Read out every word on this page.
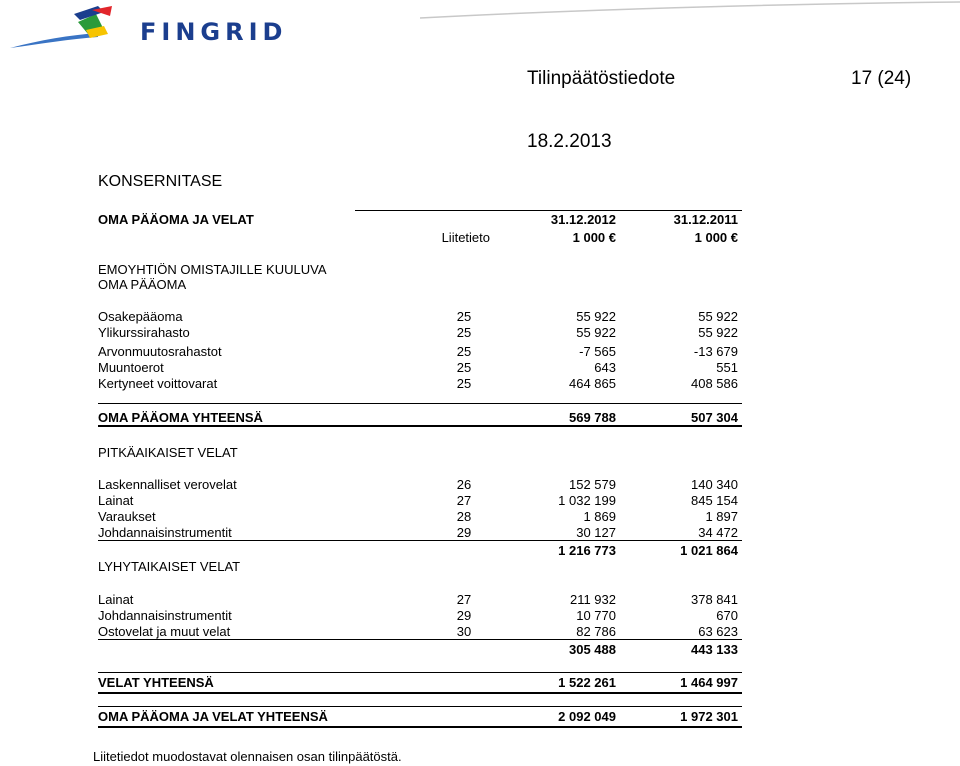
FINGRID
Tilinpäätöstiedote	17 (24)
18.2.2013
KONSERNITASE
OMA PÄÄOMA JA VELAT	31.12.2012	31.12.2011
Liitetieto	1 000 €	1 000 €
EMOYHTIÖN OMISTAJILLE KUULUVA
OMA PÄÄOMA
Osakepääoma	25	55 922	55 922
Ylikurssirahasto	25	55 922	55 922
Arvonmuutosrahastot	25	-7 565	-13 679
Muuntoerot	25	643	551
Kertyneet voittovarat	25	464 865	408 586
OMA PÄÄOMA YHTEENSÄ	569 788	507 304
PITKÄAIKAISET VELAT
Laskennalliset verovelat	26	152 579	140 340
Lainat	27	1 032 199	845 154
Varaukset	28	1 869	1 897
Johdannaisinstrumentit	29	30 127	34 472
1 216 773	1 021 864
LYHYTAIKAISET VELAT
Lainat	27	211 932	378 841
Johdannaisinstrumentit	29	10 770	670
Ostovelat ja muut velat	30	82 786	63 623
305 488	443 133
VELAT YHTEENSÄ	1 522 261	1 464 997
OMA PÄÄOMA JA VELAT YHTEENSÄ	2 092 049	1 972 301
Liitetiedot muodostavat olennaisen osan tilinpäätöstä.
